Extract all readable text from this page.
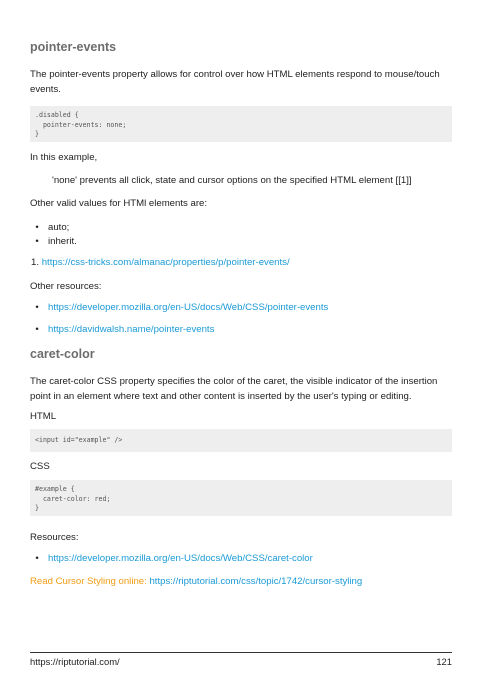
pointer-events

The pointer-events property allows for control over how HTML elements respond to mouse/touch events.

.disabled {
pointer-events: none;
}

In this example,

'none' prevents all click, state and cursor options on the specified HTML element [[1]]

Other valid values for HTMl elements are:

• auto;
• inherit.
1. https://css-tricks.com/almanac/properties/p/pointer-events/

Other resources:

• https://developer.mozilla.org/en-US/docs/Web/CSS/pointer-events
• https://davidwalsh.name/pointer-events
caret-color

The caret-color CSS property specifies the color of the caret, the visible indicator of the insertion point in an element where text and other content is inserted by the user's typing or editing.

HTML

<input id="example" />

CSS

#example {
caret-color: red;
}

Resources:

• https://developer.mozilla.org/en-US/docs/Web/CSS/caret-color
Read Cursor Styling online: https://riptutorial.com/css/topic/1742/cursor-styling
https://riptutorial.com/	121
